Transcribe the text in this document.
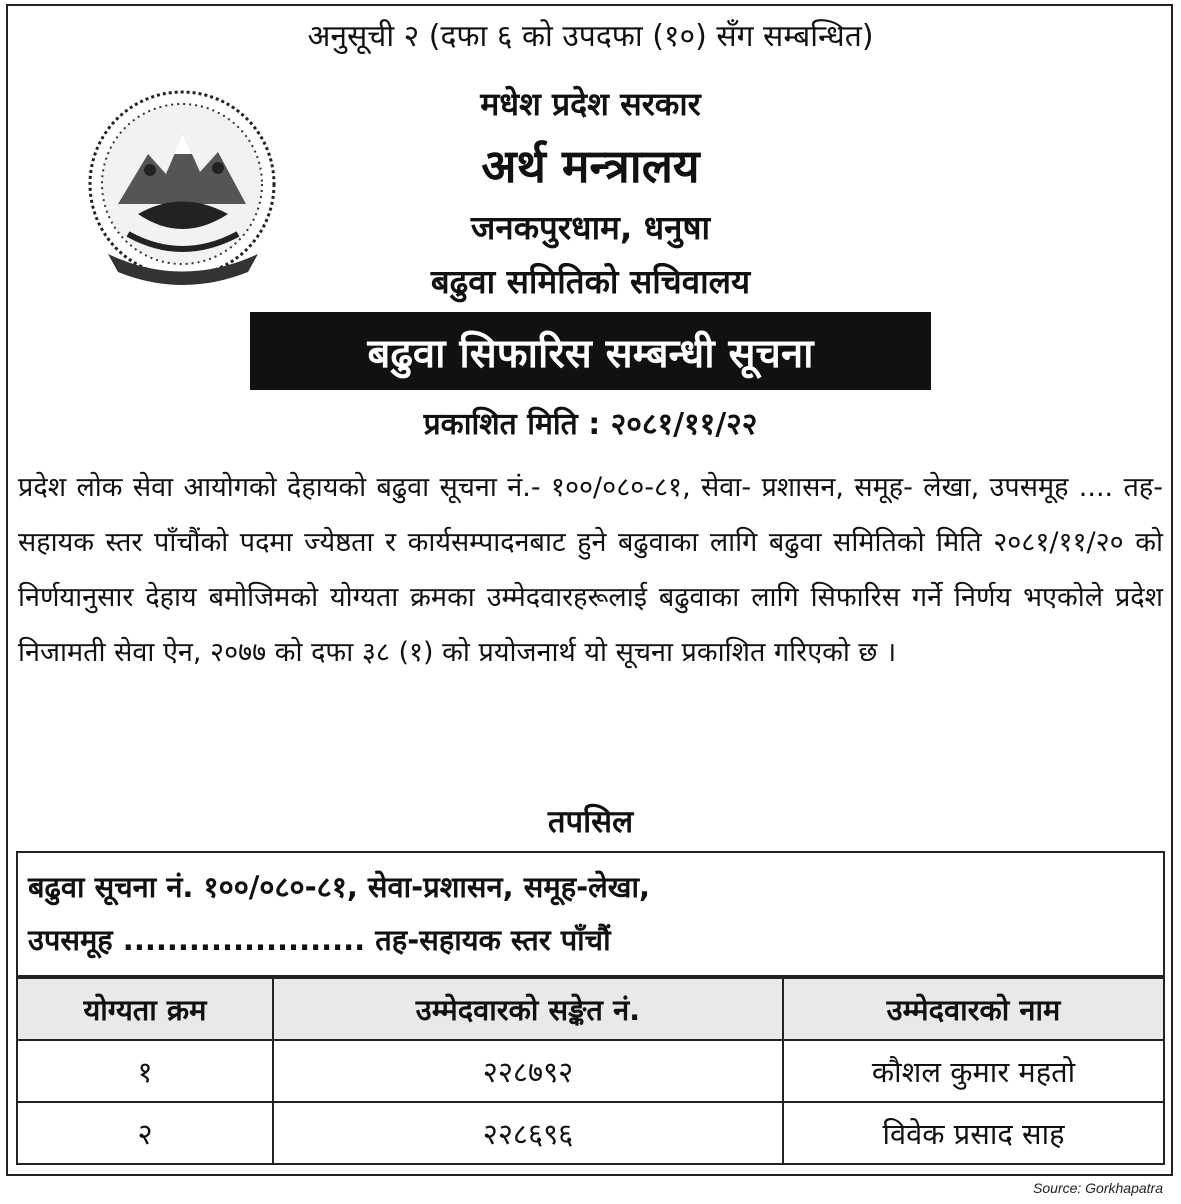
अनुसूची २ (दफा ६ को उपदफा (१०) सँग सम्बन्धित)
मधेश प्रदेश सरकार
अर्थ मन्त्रालय
जनकपुरधाम, धनुषा
बढुवा समितिको सचिवालय
बढुवा सिफारिस सम्बन्धी सूचना
प्रकाशित मिति : २०८१/११/२२
प्रदेश लोक सेवा आयोगको देहायको बढुवा सूचना नं.- १००/०८०-८१, सेवा- प्रशासन, समूह- लेखा, उपसमूह .... तह- सहायक स्तर पाँचौंको पदमा ज्येष्ठता र कार्यसम्पादनबाट हुने बढुवाका लागि बढुवा समितिको मिति २०८१/११/२० को निर्णयानुसार देहाय बमोजिमको योग्यता क्रमका उम्मेदवारहरूलाई बढुवाका लागि सिफारिस गर्ने निर्णय भएकोले प्रदेश निजामती सेवा ऐन, २०७७ को दफा ३८ (१) को प्रयोजनार्थ यो सूचना प्रकाशित गरिएको छ ।
तपसिल
बढुवा सूचना नं. १००/०८०-८१, सेवा-प्रशासन, समूह-लेखा,
उपसमूह ...................... तह-सहायक स्तर पाँचौं
योग्यता क्रम	उम्मेदवारको सङ्केत नं.	उम्मेदवारको नाम
१	२२८७९२	कौशल कुमार महतो
२	२२८६९६	विवेक प्रसाद साह
Source: Gorkhapatra
